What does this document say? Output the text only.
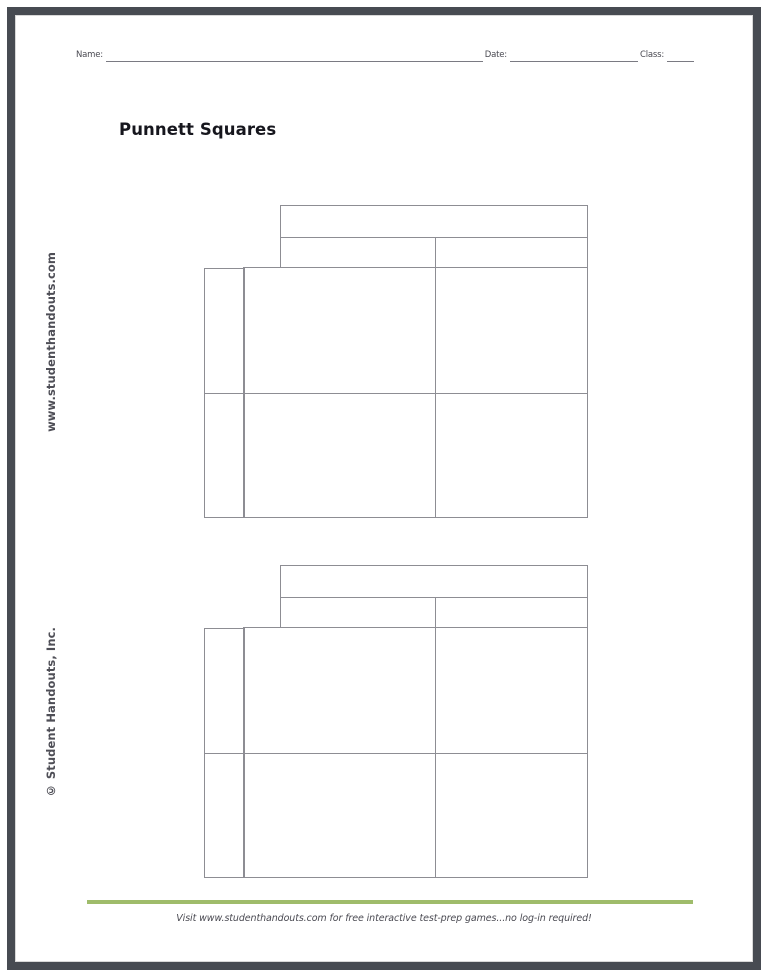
Name:	Date:	Class:
Punnett Squares
www.studenthandouts.com
© Student Handouts, Inc.
Visit www.studenthandouts.com for free interactive test-prep games...no log-in required!
